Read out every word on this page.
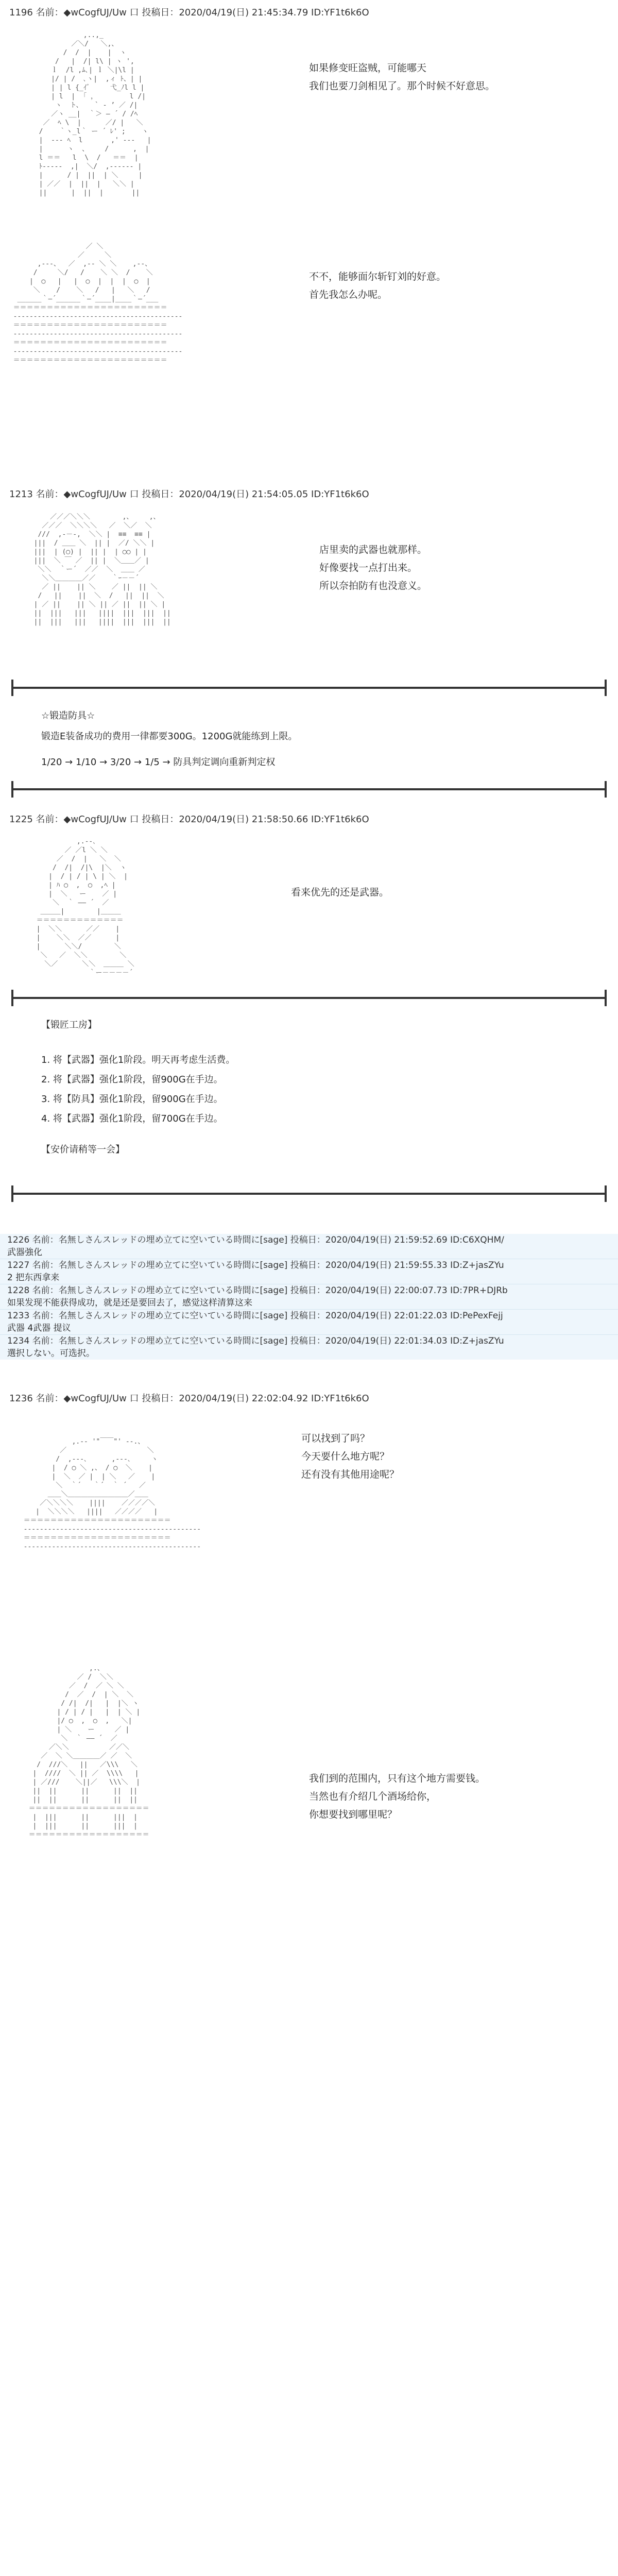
1196 名前：◆wCogfUJ/Uw 口 投稿日：2020/04/19(日) 21:45:34.79 ID:YF1t6k6O
,..,_
／＼/   ＼,、
/  /  |    |  ヽ
/   |  /| l\ | ヽ ',
ｌ  /l ,ﾑ､| ｌ ＼|\l |
|/ | /  ､ヽ|  ,ィ ﾄ、| |
| | l {_ｲﾞ     弋_ﾉl l |
| l  |  ｢ ，        l /|
ヽ  ト、   ` ‐ ’ ／ /|
／ヽ __|  ｀＞ ― ´ / /ﾍ
／  ﾍ \  |      ／/ |   ＼
/    ｀ヽ_l｀ ー ´ ﾚ' ;    ヽ
|  --- ﾍ  l       ,' ---   |
|      ヽ  、    /      ,  |
l ＝＝   l  \  /   ＝＝  |
ﾄ-----  ,|  ＼/  ,------ |
|      / |  ||  | ＼     |
| ／／  |  ||  |   ＼＼ |
||      |  ||  |       ||
如果修变旺盗贼，可能哪天
我们也要刀剑相见了。那个时候不好意思。
／ ＼
／     ＼
,---、  ／  ,-- ＼ ＼    ,--、
/     ＼/   /    ＼ ＼  /    ＼
|  ◯   |   |  ◯  |  |  |  ◯  |
＼    /    ＼   /   |   ＼   /
______｀―´______｀―´____|____｀―´___
＝＝＝＝＝＝＝＝＝＝＝＝＝＝＝＝＝＝＝＝＝＝＝
------------------------------------------
＝＝＝＝＝＝＝＝＝＝＝＝＝＝＝＝＝＝＝＝＝＝＝
------------------------------------------
＝＝＝＝＝＝＝＝＝＝＝＝＝＝＝＝＝＝＝＝＝＝＝
------------------------------------------
＝＝＝＝＝＝＝＝＝＝＝＝＝＝＝＝＝＝＝＝＝＝＝
不不，能够面尔斩钉刘的好意。
首先我怎么办呢。
1213 名前：◆wCogfUJ/Uw 口 投稿日：2020/04/19(日) 21:54:05.05 ID:YF1t6k6O
／／／＼＼＼        ,、    ,、
／／／  ＼＼＼＼   ／  ＼／  ＼
///  ,-－-,  ＼＼ |  ≡≡  ≡≡ |
|||  / ＿＿ ＼  || |  ／/ ＼＼ |
|||  | (◯) |  || |  | ◯◯ | |
|||  ＼ ￣ ／  || |  ＼＿＿／ |
＼＼  ｀ー´  ／／  ＼  ＿＿ ／
＼＼＿＿＿＿／／    ｀ｰ－－´
／ ||    || ＼    ／ ||  || ＼
/   ||    ||  ＼  /   ||  ||  ＼
| ／ ||    || ＼ || ／ ||  || ＼ |
||  |||   |||   ||||  |||  |||  ||
||  |||   |||   ||||  |||  |||  ||
店里卖的武器也就那样。
好像要找一点打出来。
所以奈拍防有也没意义。
☆锻造防具☆
锻造E装备成功的费用一律都要300G。1200G就能练到上限。
1/20 → 1/10 → 3/20 → 1/5 → 防具判定调向重新判定权
1225 名前：◆wCogfUJ/Uw 口 投稿日：2020/04/19(日) 21:58:50.66 ID:YF1t6k6O
,.--､
／ ／l ＼ ＼
／  /  |   ＼  ＼
/  /|  /|\  |＼  ヽ
|  / | / | \ | ＼  |
| ﾊ ◯  ,  ◯  ,ﾍ |
|  ＼   ー    ／ |
＼  ｀ ―― ´  ／
＿＿＿|        |＿＿＿
＝＝＝＝＝＝＝＝＝＝＝＝＝
|  ＼＼      ／／    |
|    ＼＼  ／／      |
|      ＼＼/        ＼
＼   ／  ＼＼        ＼
＼／      ＼＼  ＿＿＿ ＼
｀ー－－－－´
看来优先的还是武器。
【锻匠工房】
1. 将【武器】强化1阶段。明天再考虑生活费。
2. 将【武器】强化1阶段，留900G在手边。
3. 将【防具】强化1阶段，留900G在手边。
4. 将【武器】强化1阶段，留700G在手边。
【安价请稍等一会】
1226 名前：名無しさんスレッドの埋め立てに空いている時間に[sage] 投稿日：2020/04/19(日) 21:59:52.69 ID:C6XQHM/
武器強化
1227 名前：名無しさんスレッドの埋め立てに空いている時間に[sage] 投稿日：2020/04/19(日) 21:59:55.33 ID:Z+jasZYu
2 把东西拿来
1228 名前：名無しさんスレッドの埋め立てに空いている時間に[sage] 投稿日：2020/04/19(日) 22:00:07.73 ID:7PR+DJRb
如果发现不能获得成功，就是还是要回去了，感觉这样清算这来
1233 名前：名無しさんスレッドの埋め立てに空いている時間に[sage] 投稿日：2020/04/19(日) 22:01:22.03 ID:PePexFejj
武器 4武器 提议
1234 名前：名無しさんスレッドの埋め立てに空いている時間に[sage] 投稿日：2020/04/19(日) 22:01:34.03 ID:Z+jasZYu
選択しない。可选択。
1236 名前：◆wCogfUJ/Uw 口 投稿日：2020/04/19(日) 22:02:04.92 ID:YF1t6k6O
,.-‐ '"￣￣"' ‐-.、
／                    ＼
/  ,-‐-､      ,-‐-､     ヽ
|  / ◯ ＼ ,、 / ◯  ＼    |
|  ＼  ／ |  | ＼   ／    |
＼  ｀´   ｀´  ｀ ´   ／
＿＿＼＿＿＿＿＿＿＿＿＿／＿＿
／＼＼＼＼    ||||    ／／／／＼
|  ＼＼＼＼   ||||   ／／／／   |
＝＝＝＝＝＝＝＝＝＝＝＝＝＝＝＝＝＝＝＝＝＝
--------------------------------------------
＝＝＝＝＝＝＝＝＝＝＝＝＝＝＝＝＝＝＝＝＝＝
--------------------------------------------
可以找到了吗？
今天要什么地方呢？
还有没有其他用途呢？
,.、
／ /  ＼＼
／  /  ／ ＼ ＼
/  ／  /  | ＼  ＼
/ /|  /|   |  |＼ ヽ
| / | / |   |  | ＼ |
|/ ◯  ,  ◯  ,   ＼|
| ＼    ー     ／ |
＼  ｀ ―― ´  ／
／＼＼          ／／＼
／  ＼ ＼＿＿＿＿／ ／  ＼
/  ///＼   ||   ／\\\   ＼
|  ////  ＼ || ／  \\\\   |
| ／///    ＼||／   \\\＼  |
||  ||      ||      ||  ||
||  ||      ||      ||  ||
＝＝＝＝＝＝＝＝＝＝＝＝＝＝＝＝＝＝
|  |||      ||      |||  |
|  |||      ||      |||  |
＝＝＝＝＝＝＝＝＝＝＝＝＝＝＝＝＝＝
我们到的范围内，只有这个地方需要钱。
当然也有介绍几个酒场给你，
你想要找到哪里呢？
